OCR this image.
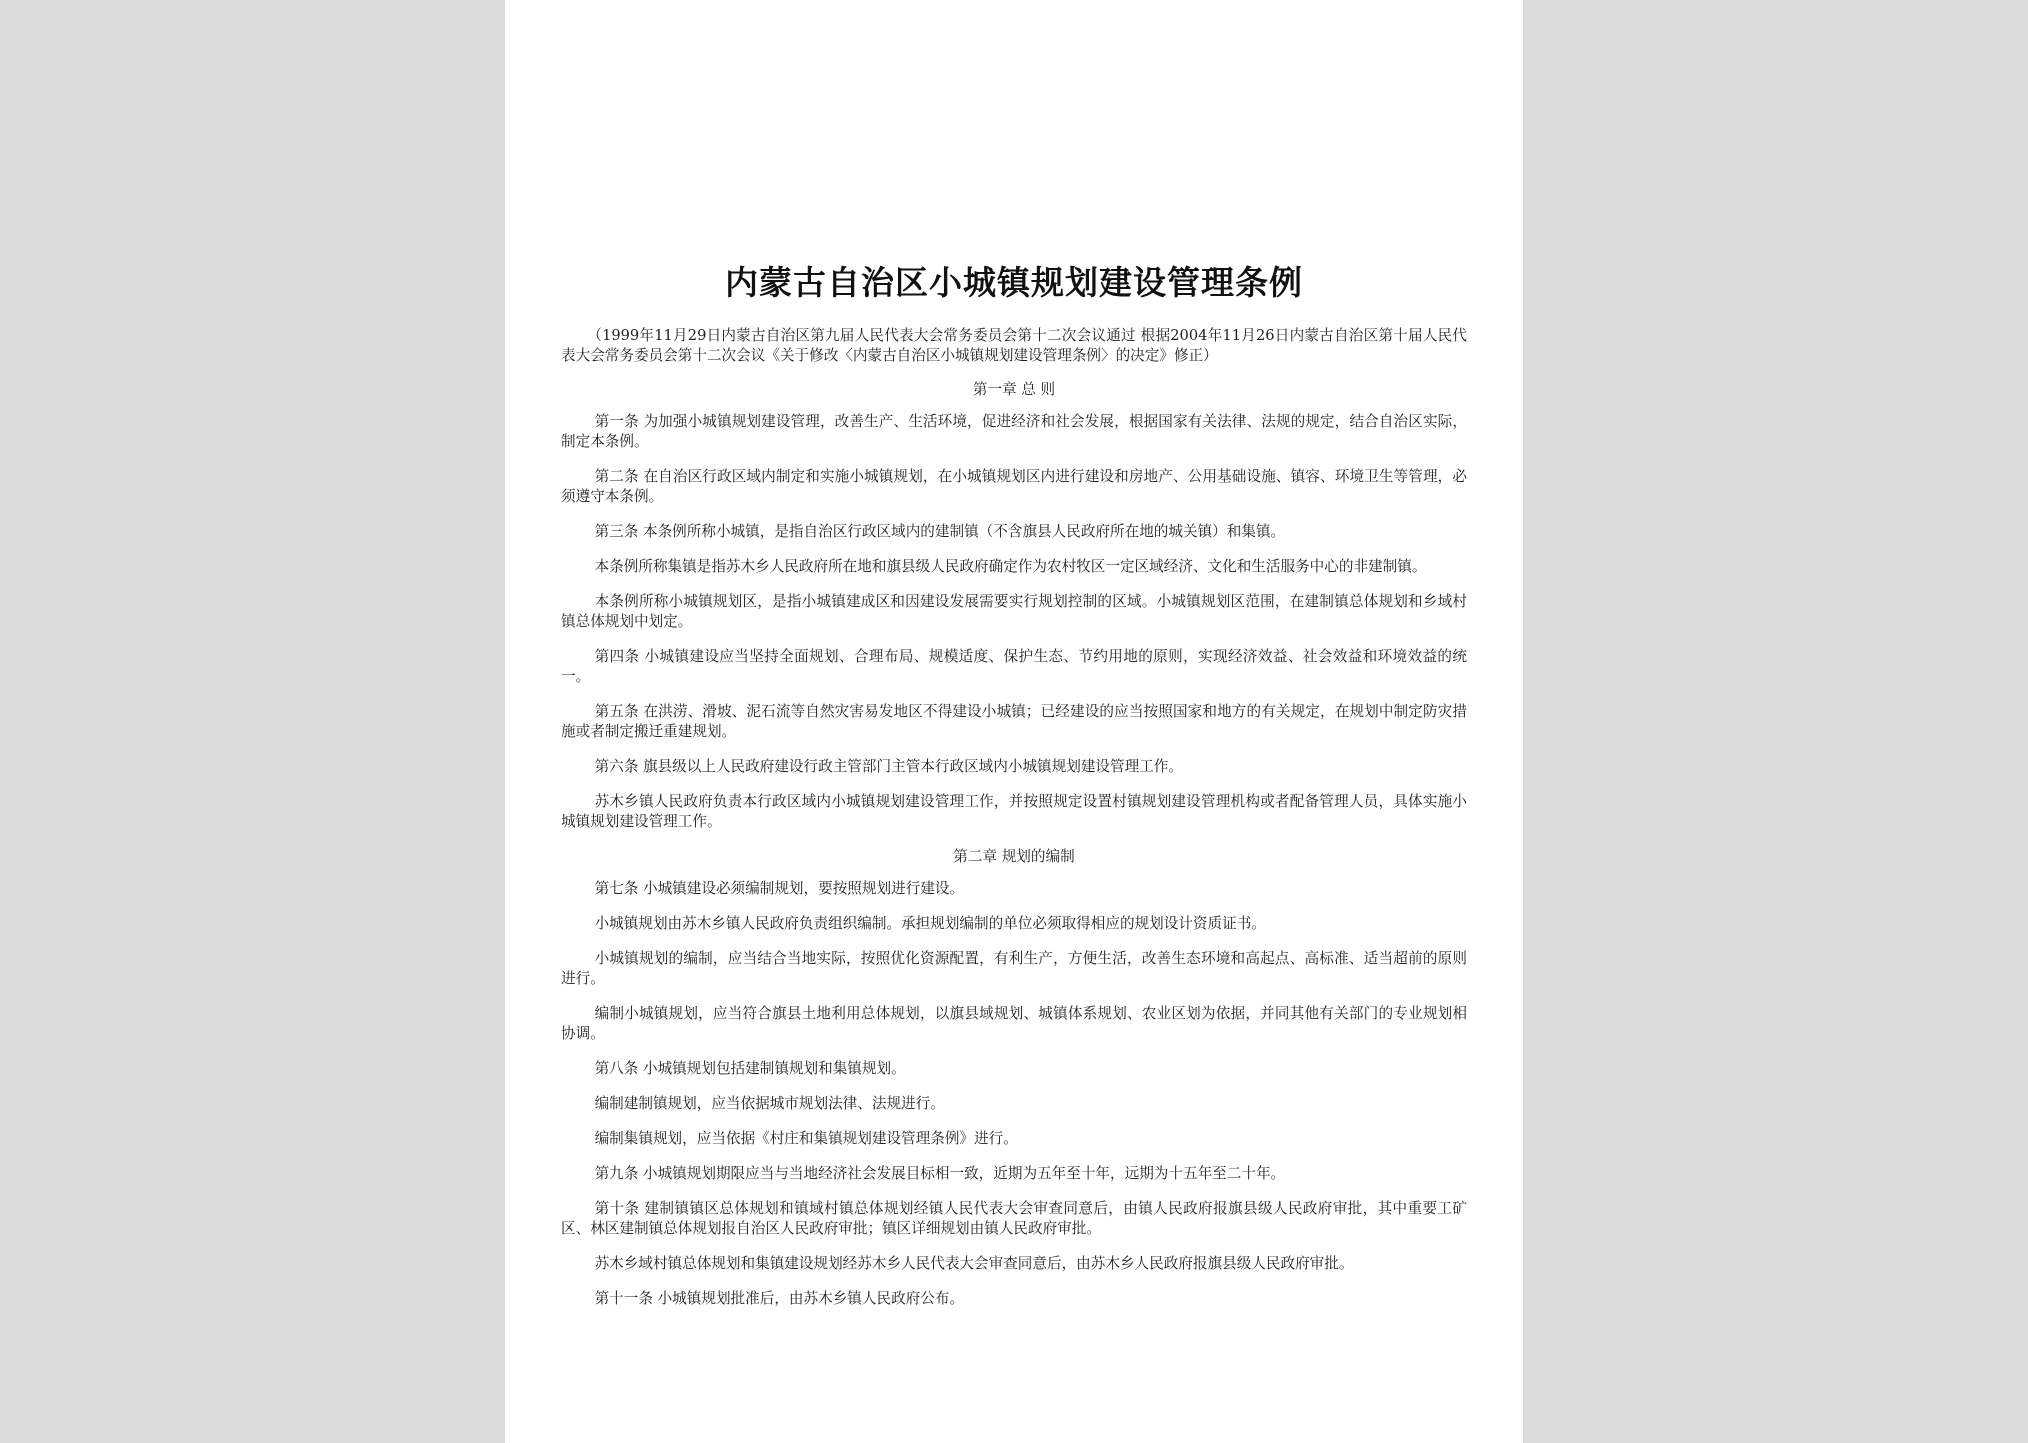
内蒙古自治区小城镇规划建设管理条例

（1999年11月29日内蒙古自治区第九届人民代表大会常务委员会第十二次会议通过 根据2004年11月26日内蒙古自治区第十届人民代表大会常务委员会第十二次会议《关于修改〈内蒙古自治区小城镇规划建设管理条例〉的决定》修正）

第一章 总 则

第一条 为加强小城镇规划建设管理，改善生产、生活环境，促进经济和社会发展，根据国家有关法律、法规的规定，结合自治区实际，制定本条例。

第二条 在自治区行政区域内制定和实施小城镇规划，在小城镇规划区内进行建设和房地产、公用基础设施、镇容、环境卫生等管理，必须遵守本条例。

第三条 本条例所称小城镇，是指自治区行政区域内的建制镇（不含旗县人民政府所在地的城关镇）和集镇。

本条例所称集镇是指苏木乡人民政府所在地和旗县级人民政府确定作为农村牧区一定区域经济、文化和生活服务中心的非建制镇。

本条例所称小城镇规划区，是指小城镇建成区和因建设发展需要实行规划控制的区域。小城镇规划区范围，在建制镇总体规划和乡域村镇总体规划中划定。

第四条 小城镇建设应当坚持全面规划、合理布局、规模适度、保护生态、节约用地的原则，实现经济效益、社会效益和环境效益的统一。

第五条 在洪涝、滑坡、泥石流等自然灾害易发地区不得建设小城镇；已经建设的应当按照国家和地方的有关规定，在规划中制定防灾措施或者制定搬迁重建规划。

第六条 旗县级以上人民政府建设行政主管部门主管本行政区域内小城镇规划建设管理工作。

苏木乡镇人民政府负责本行政区域内小城镇规划建设管理工作，并按照规定设置村镇规划建设管理机构或者配备管理人员，具体实施小城镇规划建设管理工作。

第二章 规划的编制

第七条 小城镇建设必须编制规划，要按照规划进行建设。

小城镇规划由苏木乡镇人民政府负责组织编制。承担规划编制的单位必须取得相应的规划设计资质证书。

小城镇规划的编制，应当结合当地实际，按照优化资源配置，有利生产，方便生活，改善生态环境和高起点、高标准、适当超前的原则进行。

编制小城镇规划，应当符合旗县土地利用总体规划，以旗县域规划、城镇体系规划、农业区划为依据，并同其他有关部门的专业规划相协调。

第八条 小城镇规划包括建制镇规划和集镇规划。

编制建制镇规划，应当依据城市规划法律、法规进行。

编制集镇规划，应当依据《村庄和集镇规划建设管理条例》进行。

第九条 小城镇规划期限应当与当地经济社会发展目标相一致，近期为五年至十年，远期为十五年至二十年。

第十条 建制镇镇区总体规划和镇域村镇总体规划经镇人民代表大会审查同意后，由镇人民政府报旗县级人民政府审批，其中重要工矿区、林区建制镇总体规划报自治区人民政府审批；镇区详细规划由镇人民政府审批。

苏木乡域村镇总体规划和集镇建设规划经苏木乡人民代表大会审查同意后，由苏木乡人民政府报旗县级人民政府审批。

第十一条 小城镇规划批准后，由苏木乡镇人民政府公布。
